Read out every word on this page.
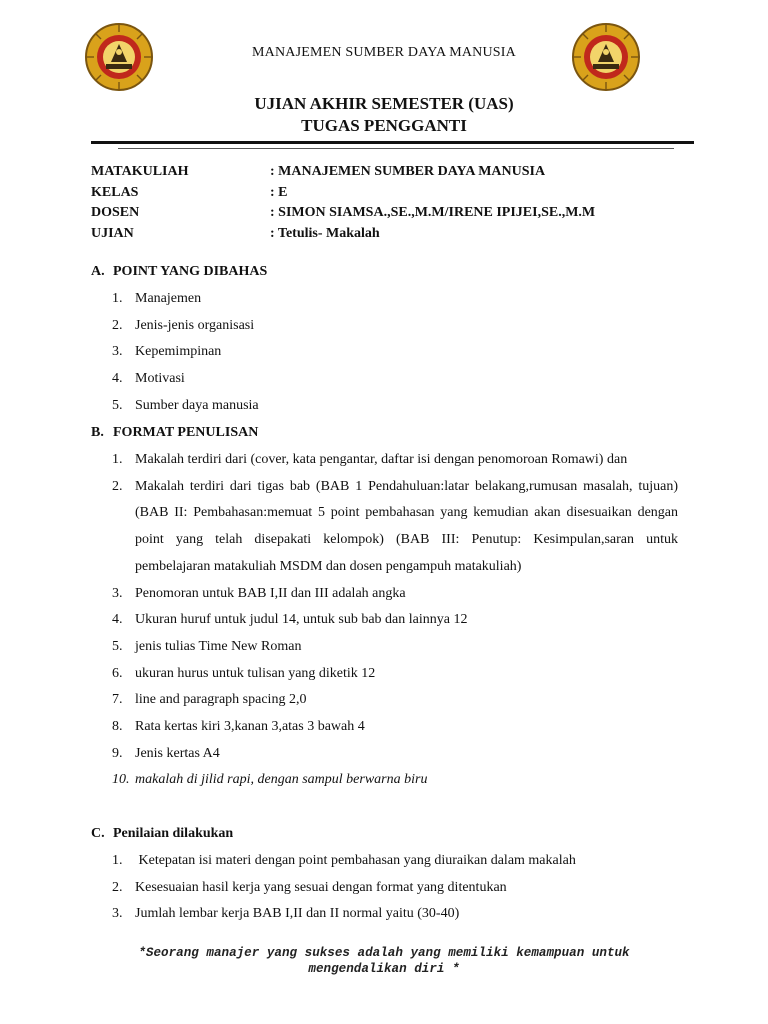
MANAJEMEN SUMBER DAYA MANUSIA
UJIAN AKHIR SEMESTER (UAS)
TUGAS PENGGANTI
MATAKULIAH	: MANAJEMEN SUMBER DAYA MANUSIA
KELAS	: E
DOSEN	: SIMON SIAMSA.,SE.,M.M/IRENE IPIJEI,SE.,M.M
UJIAN	: Tetulis- Makalah
A. POINT YANG DIBAHAS
1. Manajemen
2. Jenis-jenis organisasi
3. Kepemimpinan
4. Motivasi
5. Sumber daya manusia
B. FORMAT PENULISAN
1. Makalah terdiri dari (cover, kata pengantar, daftar isi dengan penomoroan Romawi) dan
2. Makalah terdiri dari tigas bab (BAB 1 Pendahuluan:latar belakang,rumusan masalah, tujuan) (BAB II: Pembahasan:memuat 5 point pembahasan yang kemudian akan disesuaikan dengan point yang telah disepakati kelompok) (BAB III: Penutup: Kesimpulan,saran untuk pembelajaran matakuliah MSDM dan dosen pengampuh matakuliah)
3. Penomoran untuk BAB I,II dan III adalah angka
4. Ukuran huruf untuk judul 14, untuk sub bab dan lainnya 12
5. jenis tulias Time New Roman
6. ukuran hurus untuk tulisan yang diketik 12
7. line and paragraph spacing 2,0
8. Rata kertas kiri 3,kanan 3,atas 3 bawah 4
9. Jenis kertas A4
10. makalah di jilid rapi, dengan sampul berwarna biru
C. Penilaian dilakukan
1. Ketepatan isi materi dengan point pembahasan yang diuraikan dalam makalah
2. Kesesuaian hasil kerja yang sesuai dengan format yang ditentukan
3. Jumlah lembar kerja BAB I,II dan II normal yaitu (30-40)
*Seorang manajer yang sukses adalah yang memiliki kemampuan untuk
mengendalikan diri *
